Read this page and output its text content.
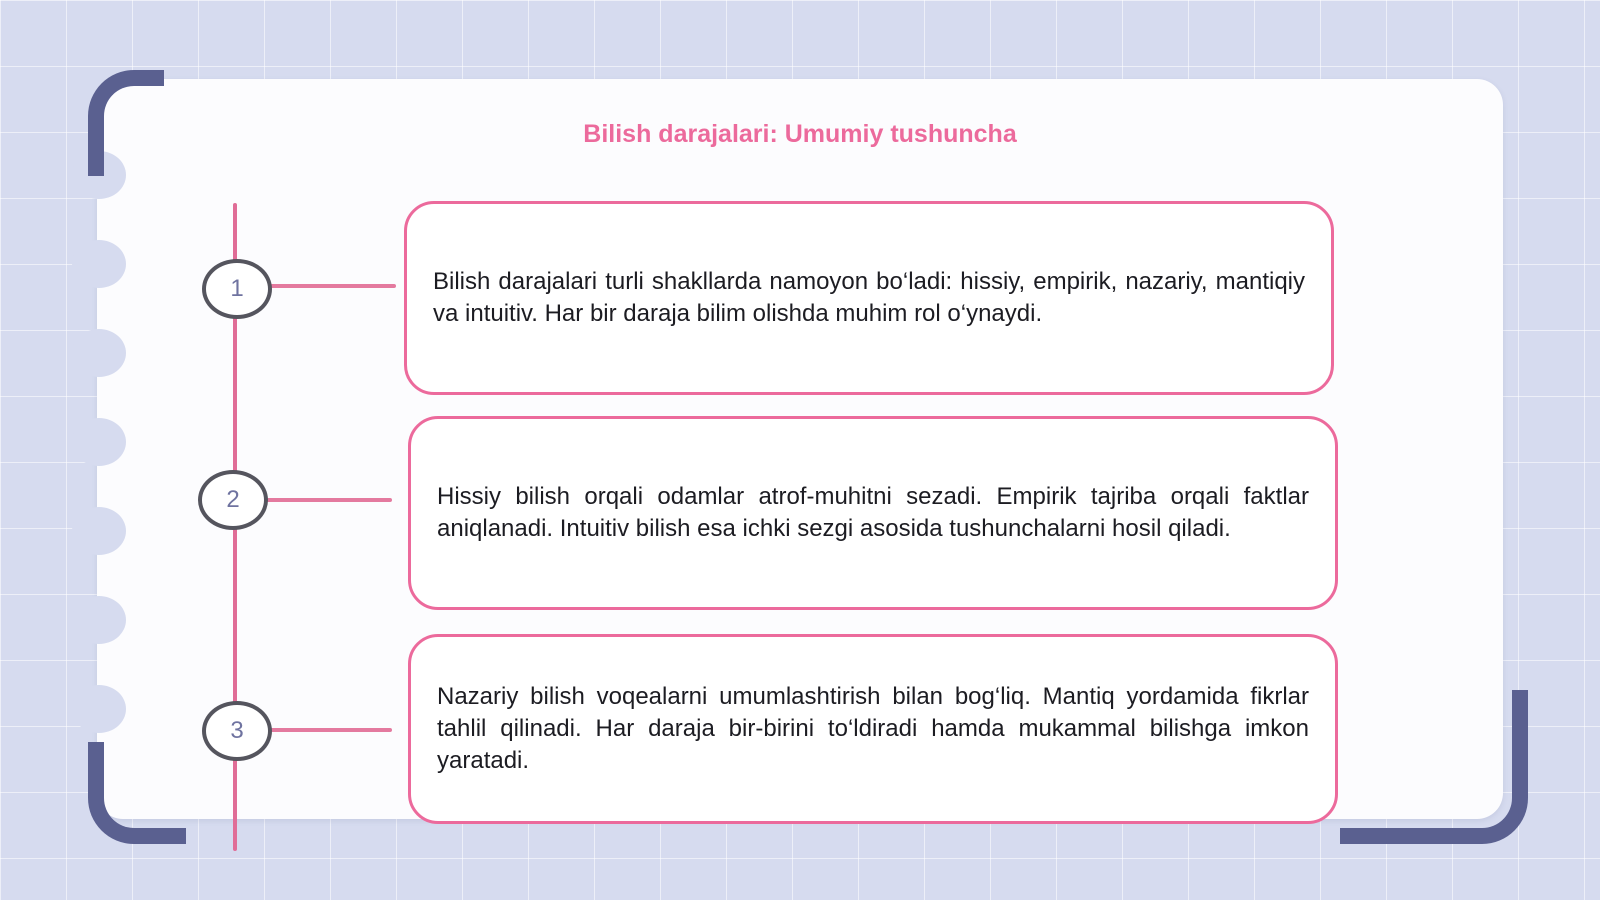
Bilish darajalari: Umumiy tushuncha
1	Bilish darajalari turli shakllarda namoyon bo‘ladi: hissiy, empirik, nazariy, mantiqiy va intuitiv. Har bir daraja bilim olishda muhim rol o‘ynaydi.

2	Hissiy bilish orqali odamlar atrof-muhitni sezadi. Empirik tajriba orqali faktlar aniqlanadi. Intuitiv bilish esa ichki sezgi asosida tushunchalarni hosil qiladi.

3

Nazariy bilish voqealarni umumlashtirish bilan bog‘liq. Mantiq yordamida fikrlar tahlil qilinadi. Har daraja bir-birini to‘ldiradi hamda mukammal bilishga imkon yaratadi.
